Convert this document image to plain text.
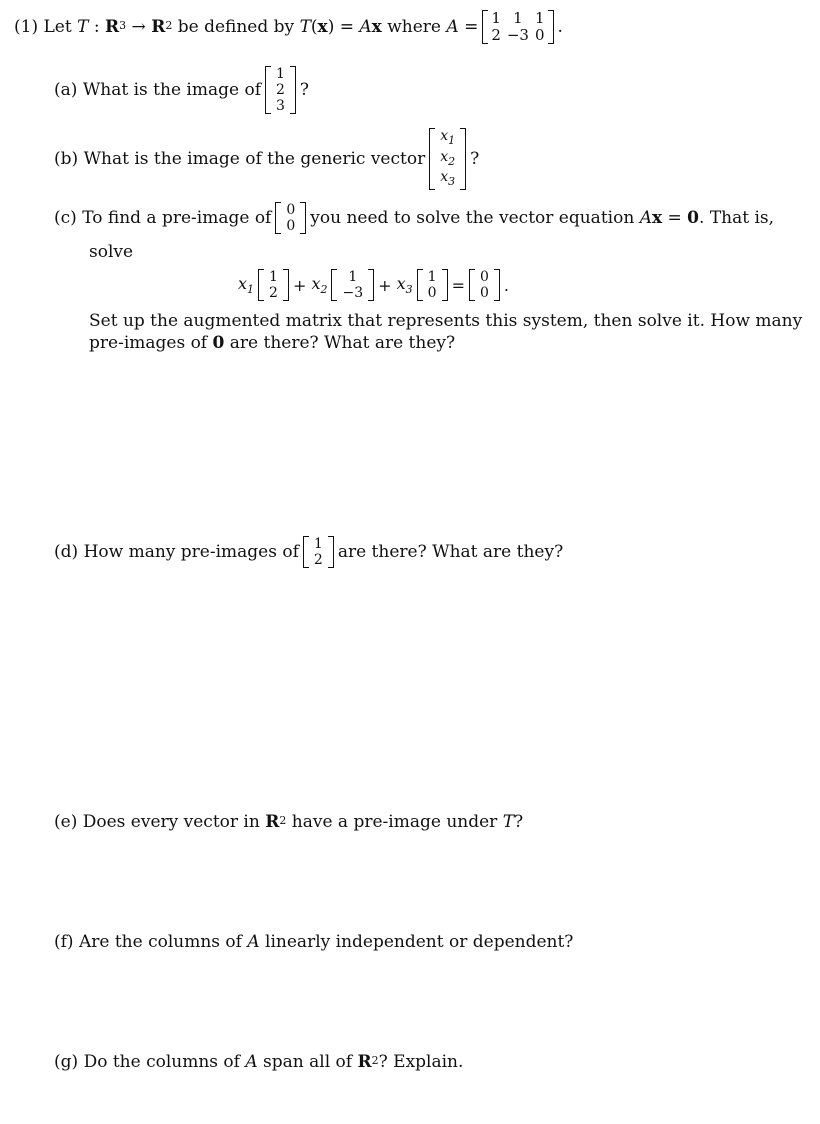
(1)
Let
T
:
$R^3$
→
$R^2$
be defined by
T ( x )
=
A x
where
A
= 1
2
1
−3
1
0 .
(a)
What is the image of
1
2
3
?
(b)
What is the image of the generic vector
$x_1$
$x_2$
$x_3$
?
(c)
To find a pre-image of 0
0 you need to solve the vector equation
A x
=
0 . That is,
solve
$x_1$
1
2 +
$x_2$
1
−3 +
$x_3$
1
0 = 0
0 .
Set up the augmented matrix that represents this system, then solve it. How many
pre-images of
0
are there? What are they?
(d)
How many pre-images of 1
2 are there? What are they?
(e)
Does every vector in
$R^2$
have a pre-image under
T ?
(f)
Are the columns of
A
linearly independent or dependent?
(g)
Do the columns of
A
span all of
$R^2$ ? Explain.
